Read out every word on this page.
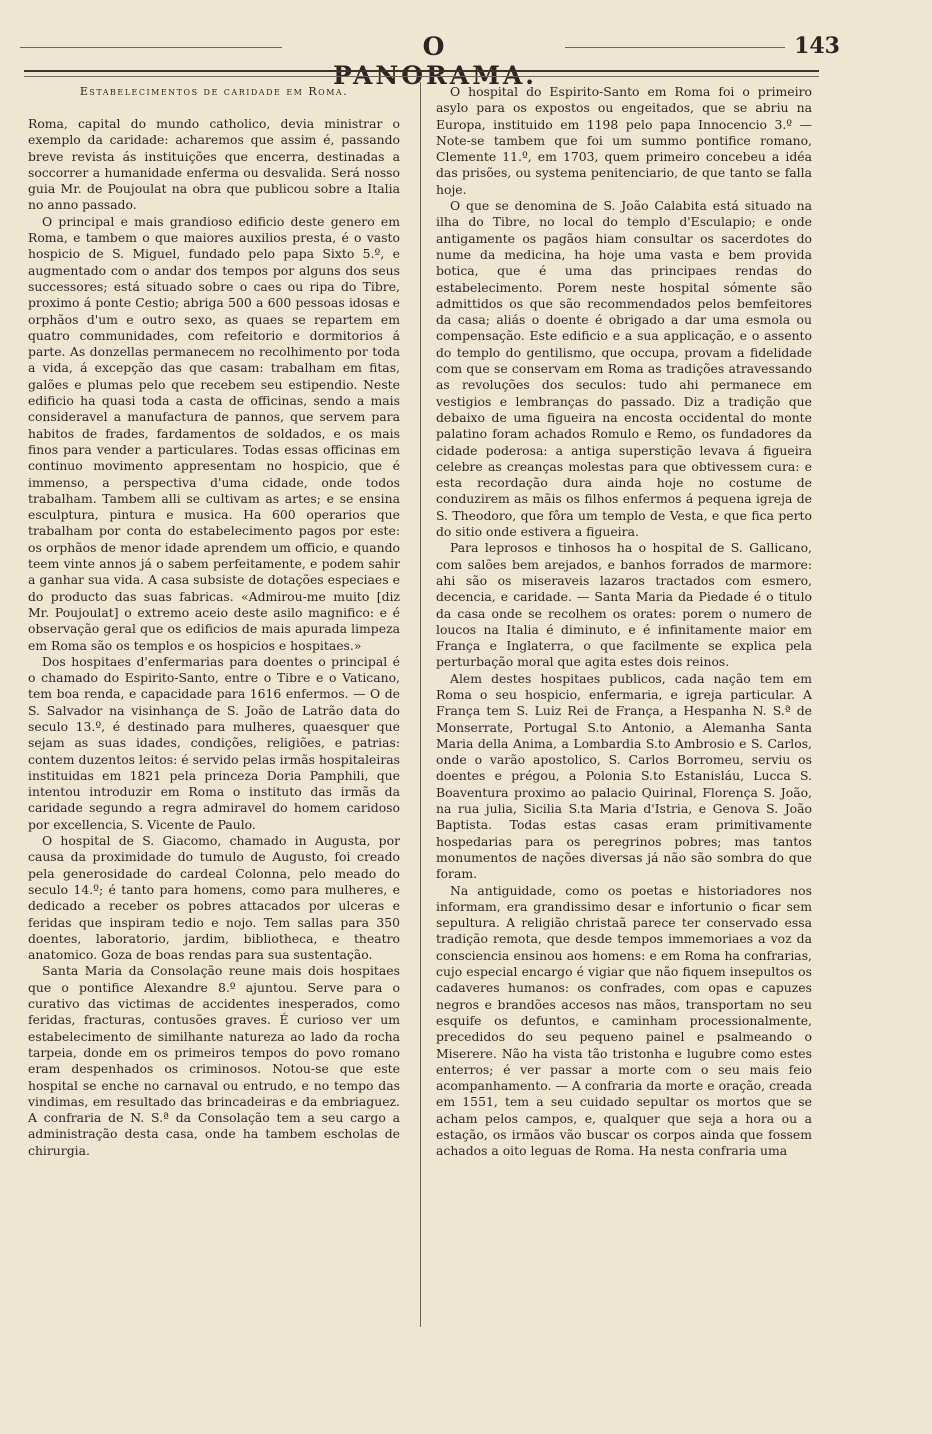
O PANORAMA.
143
Estabelecimentos de caridade em Roma.

Roma, capital do mundo catholico, devia ministrar o exemplo da caridade: acharemos que assim é, passando breve revista ás instituições que encerra, destinadas a soccorrer a humanidade enferma ou desvalida. Será nosso guia Mr. de Poujoulat na obra que publicou sobre a Italia no anno passado.

O principal e mais grandioso edificio deste genero em Roma, e tambem o que maiores auxilios presta, é o vasto hospicio de S. Miguel, fundado pelo papa Sixto 5.º, e augmentado com o andar dos tempos por alguns dos seus successores; está situado sobre o caes ou ripa do Tibre, proximo á ponte Cestio; abriga 500 a 600 pessoas idosas e orphãos d'um e outro sexo, as quaes se repartem em quatro communidades, com refeitorio e dormitorios á parte. As donzellas permanecem no recolhimento por toda a vida, á excepção das que casam: trabalham em fitas, galões e plumas pelo que recebem seu estipendio. Neste edificio ha quasi toda a casta de officinas, sendo a mais consideravel a manufactura de pannos, que servem para habitos de frades, fardamentos de soldados, e os mais finos para vender a particulares. Todas essas officinas em continuo movimento appresentam no hospicio, que é immenso, a perspectiva d'uma cidade, onde todos trabalham. Tambem alli se cultivam as artes; e se ensina esculptura, pintura e musica. Ha 600 operarios que trabalham por conta do estabelecimento pagos por este: os orphãos de menor idade aprendem um officio, e quando teem vinte annos já o sabem perfeitamente, e podem sahir a ganhar sua vida. A casa subsiste de dotações especiaes e do producto das suas fabricas. «Admirou-me muito [diz Mr. Poujoulat] o extremo aceio deste asilo magnifico: e é observação geral que os edificios de mais apurada limpeza em Roma são os templos e os hospicios e hospitaes.»

Dos hospitaes d'enfermarias para doentes o principal é o chamado do Espirito-Santo, entre o Tibre e o Vaticano, tem boa renda, e capacidade para 1616 enfermos. — O de S. Salvador na visinhança de S. João de Latrão data do seculo 13.º, é destinado para mulheres, quaesquer que sejam as suas idades, condições, religiões, e patrias: contem duzentos leitos: é servido pelas irmãs hospitaleiras instituidas em 1821 pela princeza Doria Pamphili, que intentou introduzir em Roma o instituto das irmãs da caridade segundo a regra admiravel do homem caridoso por excellencia, S. Vicente de Paulo.

O hospital de S. Giacomo, chamado in Augusta, por causa da proximidade do tumulo de Augusto, foi creado pela generosidade do cardeal Colonna, pelo meado do seculo 14.º; é tanto para homens, como para mulheres, e dedicado a receber os pobres attacados por ulceras e feridas que inspiram tedio e nojo. Tem sallas para 350 doentes, laboratorio, jardim, bibliotheca, e theatro anatomico. Goza de boas rendas para sua sustentação.

Santa Maria da Consolação reune mais dois hospitaes que o pontifice Alexandre 8.º ajuntou. Serve para o curativo das victimas de accidentes inesperados, como feridas, fracturas, contusões graves. É curioso ver um estabelecimento de similhante natureza ao lado da rocha tarpeia, donde em os primeiros tempos do povo romano eram despenhados os criminosos. Notou-se que este hospital se enche no carnaval ou entrudo, e no tempo das vindimas, em resultado das brincadeiras e da embriaguez. A confraria de N. S.ª da Consolação tem a seu cargo a administração desta casa, onde ha tambem escholas de chirurgia.

O hospital do Espirito-Santo em Roma foi o primeiro asylo para os expostos ou engeitados, que se abriu na Europa, instituido em 1198 pelo papa Innocencio 3.º — Note-se tambem que foi um summo pontifice romano, Clemente 11.º, em 1703, quem primeiro concebeu a idéa das prisões, ou systema penitenciario, de que tanto se falla hoje.

O que se denomina de S. João Calabita está situado na ilha do Tibre, no local do templo d'Esculapio; e onde antigamente os pagãos hiam consultar os sacerdotes do nume da medicina, ha hoje uma vasta e bem provida botica, que é uma das principaes rendas do estabelecimento. Porem neste hospital sómente são admittidos os que são recommendados pelos bemfeitores da casa; aliás o doente é obrigado a dar uma esmola ou compensação. Este edificio e a sua applicação, e o assento do templo do gentilismo, que occupa, provam a fidelidade com que se conservam em Roma as tradições atravessando as revoluções dos seculos: tudo ahi permanece em vestigios e lembranças do passado. Diz a tradição que debaixo de uma figueira na encosta occidental do monte palatino foram achados Romulo e Remo, os fundadores da cidade poderosa: a antiga superstição levava á figueira celebre as creanças molestas para que obtivessem cura: e esta recordação dura ainda hoje no costume de conduzirem as mãis os filhos enfermos á pequena igreja de S. Theodoro, que fôra um templo de Vesta, e que fica perto do sitio onde estivera a figueira.

Para leprosos e tinhosos ha o hospital de S. Gallicano, com salões bem arejados, e banhos forrados de marmore: ahi são os miseraveis lazaros tractados com esmero, decencia, e caridade. — Santa Maria da Piedade é o titulo da casa onde se recolhem os orates: porem o numero de loucos na Italia é diminuto, e é infinitamente maior em França e Inglaterra, o que facilmente se explica pela perturbação moral que agita estes dois reinos.

Alem destes hospitaes publicos, cada nação tem em Roma o seu hospicio, enfermaria, e igreja particular. A França tem S. Luiz Rei de França, a Hespanha N. S.ª de Monserrate, Portugal S.to Antonio, a Alemanha Santa Maria della Anima, a Lombardia S.to Ambrosio e S. Carlos, onde o varão apostolico, S. Carlos Borromeu, serviu os doentes e prégou, a Polonia S.to Estanisláu, Lucca S. Boaventura proximo ao palacio Quirinal, Florença S. João, na rua julia, Sicilia S.ta Maria d'Istria, e Genova S. João Baptista. Todas estas casas eram primitivamente hospedarias para os peregrinos pobres; mas tantos monumentos de nações diversas já não são sombra do que foram.

Na antiguidade, como os poetas e historiadores nos informam, era grandissimo desar e infortunio o ficar sem sepultura. A religião christaã parece ter conservado essa tradição remota, que desde tempos immemoriaes a voz da consciencia ensinou aos homens: e em Roma ha confrarias, cujo especial encargo é vigiar que não fiquem insepultos os cadaveres humanos: os confrades, com opas e capuzes negros e brandões accesos nas mãos, transportam no seu esquife os defuntos, e caminham processionalmente, precedidos do seu pequeno painel e psalmeando o Miserere. Não ha vista tão tristonha e lugubre como estes enterros; é ver passar a morte com o seu mais feio acompanhamento. — A confraria da morte e oração, creada em 1551, tem a seu cuidado sepultar os mortos que se acham pelos campos, e, qualquer que seja a hora ou a estação, os irmãos vão buscar os corpos ainda que fossem achados a oito leguas de Roma. Ha nesta confraria uma
